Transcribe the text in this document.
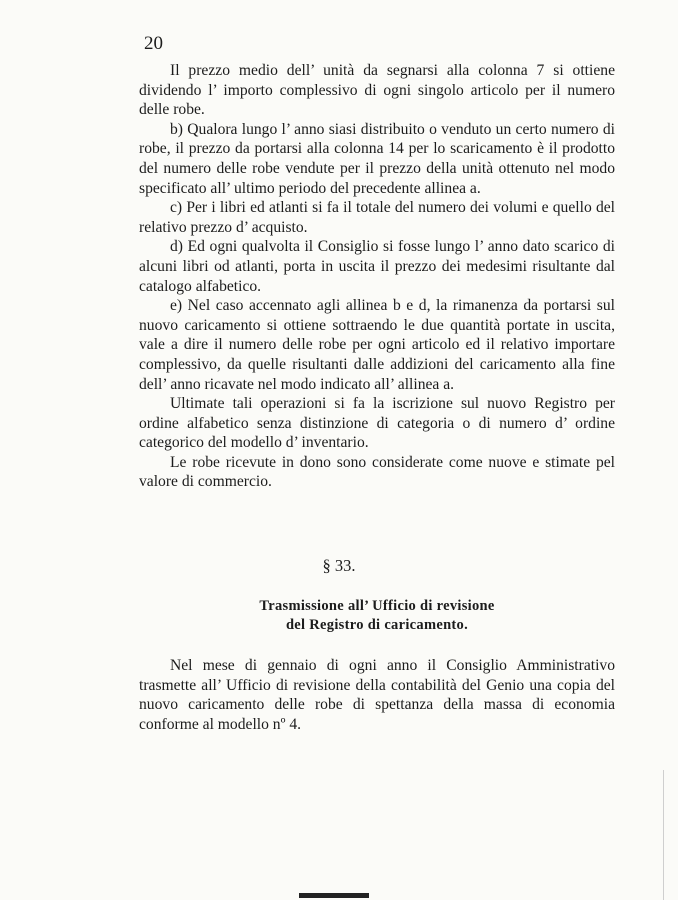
20

Il prezzo medio dell’ unità da segnarsi alla colonna 7 si ottiene dividendo l’ importo complessivo di ogni singolo articolo per il numero delle robe.

b) Qualora lungo l’ anno siasi distribuito o venduto un certo numero di robe, il prezzo da portarsi alla colonna 14 per lo scaricamento è il prodotto del numero delle robe vendute per il prezzo della unità ottenuto nel modo specificato all’ ultimo periodo del precedente allinea a.

c) Per i libri ed atlanti si fa il totale del numero dei volumi e quello del relativo prezzo d’ acquisto.

d) Ed ogni qualvolta il Consiglio si fosse lungo l’ anno dato scarico di alcuni libri od atlanti, porta in uscita il prezzo dei medesimi risultante dal catalogo alfabetico.

e) Nel caso accennato agli allinea b e d, la rimanenza da portarsi sul nuovo caricamento si ottiene sottraendo le due quantità portate in uscita, vale a dire il numero delle robe per ogni articolo ed il relativo importare complessivo, da quelle risultanti dalle addizioni del caricamento alla fine dell’ anno ricavate nel modo indicato all’ allinea a.

Ultimate tali operazioni si fa la iscrizione sul nuovo Registro per ordine alfabetico senza distinzione di categoria o di numero d’ ordine categorico del modello d’ inventario.

Le robe ricevute in dono sono considerate come nuove e stimate pel valore di commercio.

§ 33.
Trasmissione all’ Ufficio di revisione
del Registro di caricamento.

Nel mese di gennaio di ogni anno il Consiglio Amministrativo trasmette all’ Ufficio di revisione della contabilità del Genio una copia del nuovo caricamento delle robe di spettanza della massa di economia conforme al modello nº 4.
